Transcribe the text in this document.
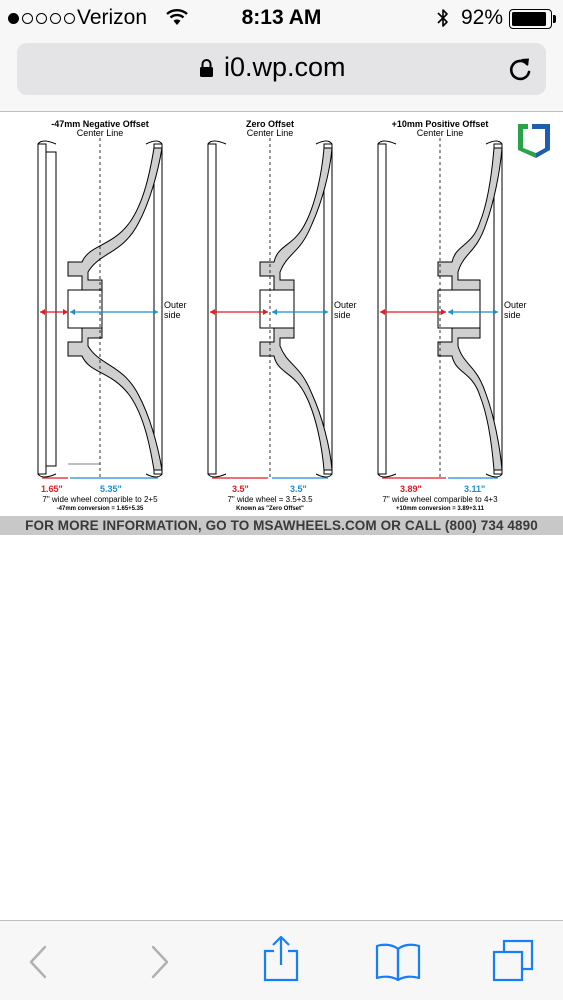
Verizon	8:13 AM	92%
i0.wp.com
-47mm Negative Offset
Center Line
Outer side
1.65"	5.35"
7" wide wheel comparible to 2+5
-47mm conversion = 1.65+5.35
Zero Offset
Center Line
Outer side
3.5"	3.5"
7" wide wheel = 3.5+3.5
Known as "Zero Offset"
+10mm Positive Offset
Center Line
Outer side
3.89"	3.11"
7" wide wheel comparible to 4+3
+10mm conversion = 3.89+3.11
FOR MORE INFORMATION, GO TO MSAWHEELS.COM OR CALL (800) 734 4890
